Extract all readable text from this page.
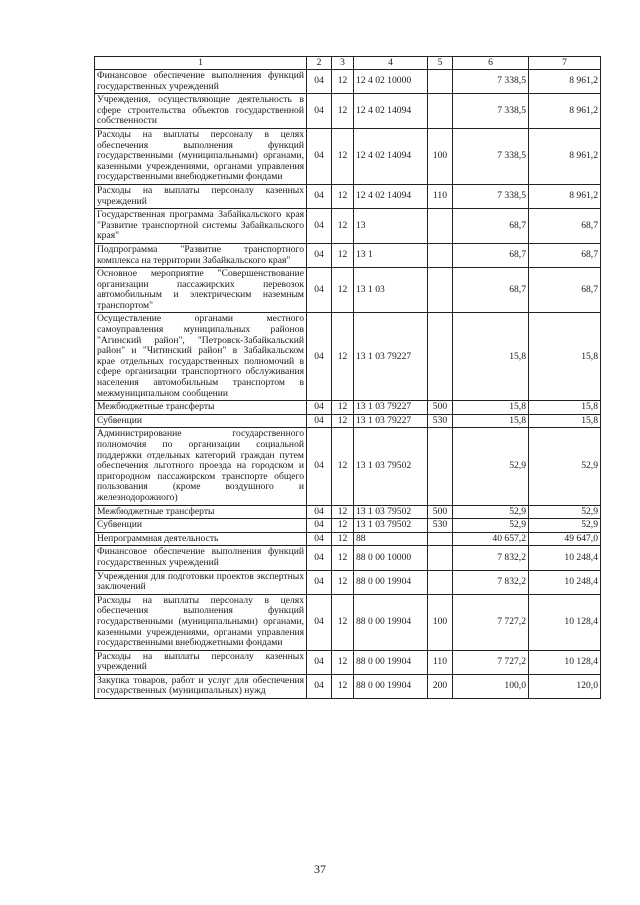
1	2	3	4	5	6	7
Финансовое обеспечение выполнения функций государственных учреждений	04	12	12 4 02 10000		7 338,5	8 961,2
Учреждения, осуществляющие деятельность в сфере строительства объектов государственной собственности	04	12	12 4 02 14094		7 338,5	8 961,2
Расходы на выплаты персоналу в целях обеспечения выполнения функций государственными (муниципальными) органами, казенными учреждениями, органами управления государственными внебюджетными фондами	04	12	12 4 02 14094	100	7 338,5	8 961,2
Расходы на выплаты персоналу казенных учреждений	04	12	12 4 02 14094	110	7 338,5	8 961,2
Государственная программа Забайкальского края "Развитие транспортной системы Забайкальского края"	04	12	13		68,7	68,7
Подпрограмма "Развитие транспортного комплекса на территории Забайкальского края"	04	12	13 1		68,7	68,7
Основное мероприятие "Совершенствование организации пассажирских перевозок автомобильным и электрическим наземным транспортом"	04	12	13 1 03		68,7	68,7
Осуществление органами местного самоуправления муниципальных районов "Агинский район", "Петровск-Забайкальский район" и "Читинский район" в Забайкальском крае отдельных государственных полномочий в сфере организации транспортного обслуживания населения автомобильным транспортом в межмуниципальном сообщении	04	12	13 1 03 79227		15,8	15,8
Межбюджетные трансферты	04	12	13 1 03 79227	500	15,8	15,8
Субвенции	04	12	13 1 03 79227	530	15,8	15,8
Администрирование государственного полномочия по организации социальной поддержки отдельных категорий граждан путем обеспечения льготного проезда на городском и пригородном пассажирском транспорте общего пользования (кроме воздушного и железнодорожного)	04	12	13 1 03 79502		52,9	52,9
Межбюджетные трансферты	04	12	13 1 03 79502	500	52,9	52,9
Субвенции	04	12	13 1 03 79502	530	52,9	52,9
Непрограммная деятельность	04	12	88		40 657,2	49 647,0
Финансовое обеспечение выполнения функций государственных учреждений	04	12	88 0 00 10000		7 832,2	10 248,4
Учреждения для подготовки проектов экспертных заключений	04	12	88 0 00 19904		7 832,2	10 248,4
Расходы на выплаты персоналу в целях обеспечения выполнения функций государственными (муниципальными) органами, казенными учреждениями, органами управления государственными внебюджетными фондами	04	12	88 0 00 19904	100	7 727,2	10 128,4
Расходы на выплаты персоналу казенных учреждений	04	12	88 0 00 19904	110	7 727,2	10 128,4
Закупка товаров, работ и услуг для обеспечения государственных (муниципальных) нужд	04	12	88 0 00 19904	200	100,0	120,0
37
